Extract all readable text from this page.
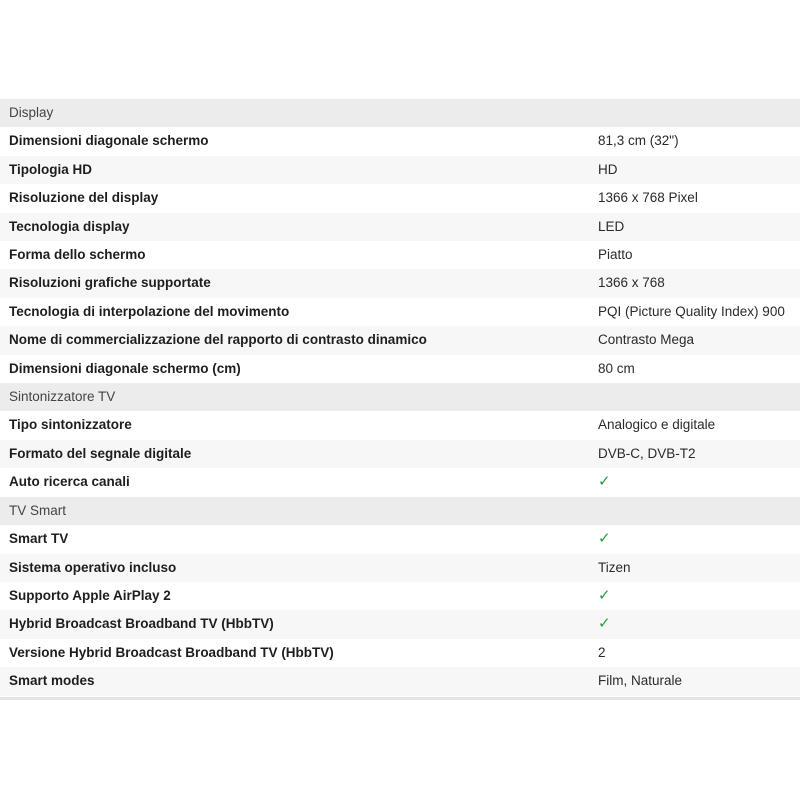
Display	
Dimensioni diagonale schermo	81,3 cm (32")
Tipologia HD	HD
Risoluzione del display	1366 x 768 Pixel
Tecnologia display	LED
Forma dello schermo	Piatto
Risoluzioni grafiche supportate	1366 x 768
Tecnologia di interpolazione del movimento	PQI (Picture Quality Index) 900
Nome di commercializzazione del rapporto di contrasto dinamico	Contrasto Mega
Dimensioni diagonale schermo (cm)	80 cm
Sintonizzatore TV	
Tipo sintonizzatore	Analogico e digitale
Formato del segnale digitale	DVB-C, DVB-T2
Auto ricerca canali	✓
TV Smart	
Smart TV	✓
Sistema operativo incluso	Tizen
Supporto Apple AirPlay 2	✓
Hybrid Broadcast Broadband TV (HbbTV)	✓
Versione Hybrid Broadcast Broadband TV (HbbTV)	2
Smart modes	Film, Naturale
